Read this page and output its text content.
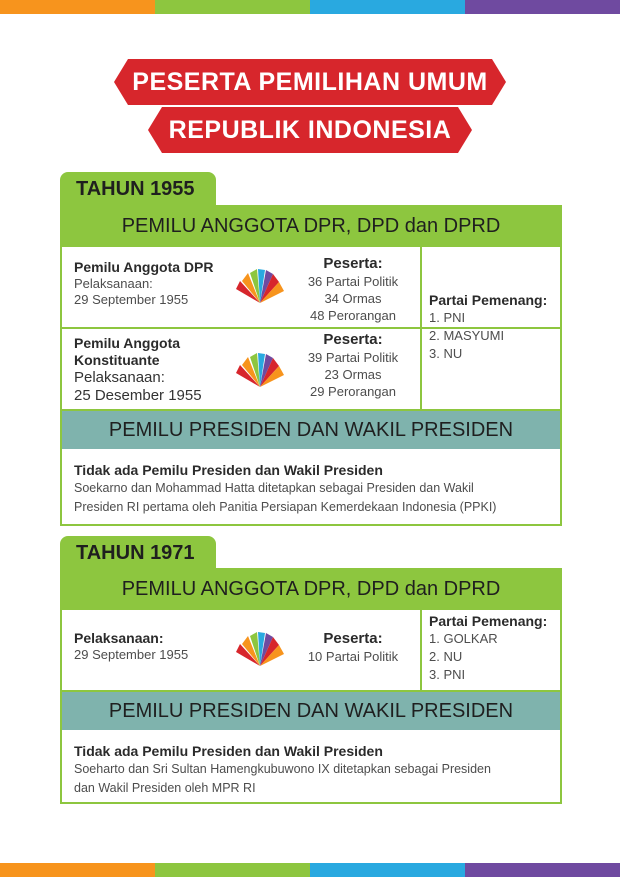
PESERTA PEMILIHAN UMUM
REPUBLIK INDONESIA
TAHUN 1955
PEMILU ANGGOTA DPR, DPD dan DPRD
Pemilu Anggota DPR
Pelaksanaan:
29 September 1955
Peserta:
36 Partai Politik
34 Ormas
48 Perorangan
Pemilu Anggota
Konstituante
Pelaksanaan:
25 Desember 1955
Peserta:
39 Partai Politik
23 Ormas
29 Perorangan
Partai Pemenang:
1. PNI
2. MASYUMI
3. NU
PEMILU PRESIDEN DAN WAKIL PRESIDEN
Tidak ada Pemilu Presiden dan Wakil Presiden
Soekarno dan Mohammad Hatta ditetapkan sebagai Presiden dan Wakil
Presiden RI pertama oleh Panitia Persiapan Kemerdekaan Indonesia (PPKI)
TAHUN 1971
PEMILU ANGGOTA DPR, DPD dan DPRD
Pelaksanaan:
29 September 1955
Peserta:
10 Partai Politik
Partai Pemenang:
1. GOLKAR
2. NU
3. PNI
PEMILU PRESIDEN DAN WAKIL PRESIDEN
Tidak ada Pemilu Presiden dan Wakil Presiden
Soeharto dan Sri Sultan Hamengkubuwono IX ditetapkan sebagai Presiden
dan Wakil Presiden oleh MPR RI
